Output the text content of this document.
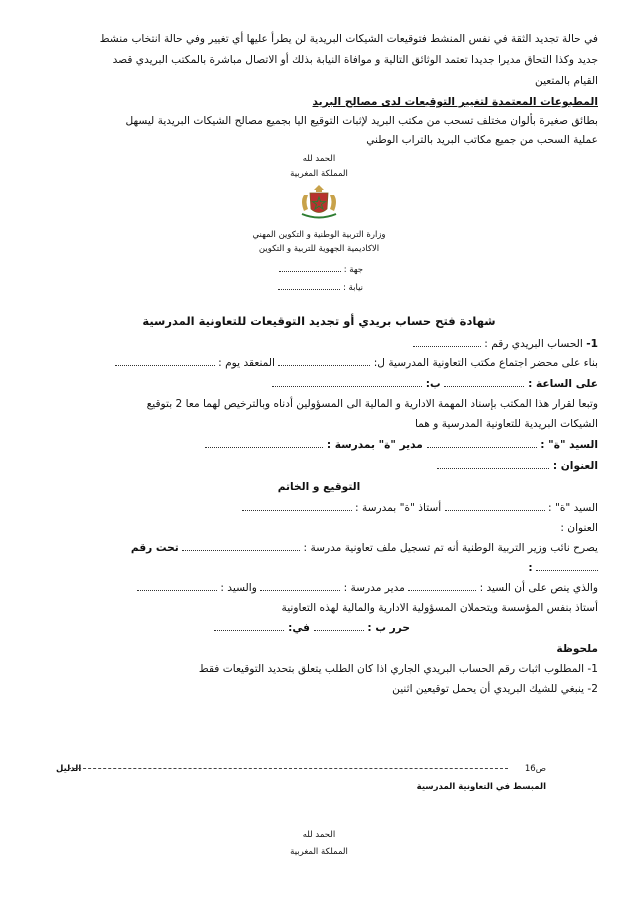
في حالة تجديد الثقة في نفس المنشط فتوقيعات الشيكات البريدية لن يطرأ عليها أي تغيير وفي حالة انتخاب منشط
جديد وكذا التحاق مديرا جديدا تعتمد الوثائق التالية و موافاة النيابة بذلك أو الاتصال مباشرة بالمكتب البريدي قصد
القيام بالمتعين
المطبوعات المعتمدة لتغيير التوقيعات لدى مصالح البريد
بطائق صغيرة بألوان مختلف تسحب من مكتب البريد لإثبات التوقيع اليا بجميع مصالح الشيكات البريدية ليسهل
عملية السحب من جميع مكاتب البريد بالتراب الوطني
الحمد لله
المملكة المغربية
وزارة التربية الوطنية و التكوين المهني
الاكاديمية الجهوية للتربية و التكوين
جهة :
نيابة :
شهادة فتح حساب بريدي أو تجديد التوقيعات للتعاونية المدرسية
1- الحساب البريدي رقم :
بناء على محضر اجتماع مكتب التعاونية المدرسية ل:  المنعقد يوم :
على الساعة :  ب:
وتبعا لقرار هذا المكتب بإسناد المهمة الادارية و المالية الى المسؤولين أدناه وبالترخيص لهما معا 2 بتوقيع
الشيكات البريدية للتعاونية المدرسية و هما
السيد "ة" :  مدير "ة" بمدرسة :
العنوان :
التوقيع و الخاتم
السيد "ة" :  أستاذ "ة" بمدرسة :
العنوان :
يصرح نائب وزير التربية الوطنية أنه تم تسجيل ملف تعاونية مدرسة :  تحت رقم
:
والذي ينص على أن السيد :  مدير مدرسة :  والسيد :
أستاذ بنفس المؤسسة ويتحملان المسؤولية الادارية والمالية لهذه التعاونية
حرر ب :  في:
ملحوظة
1- المطلوب اثبات رقم الحساب البريدي الجاري اذا كان الطلب يتعلق بتحديد التوقيعات فقط
2- ينبغي للشيك البريدي أن يحمل توقيعين اثنين
ص16
الدليل
المبسط في التعاونية المدرسية
الحمد لله
المملكة المغربية
